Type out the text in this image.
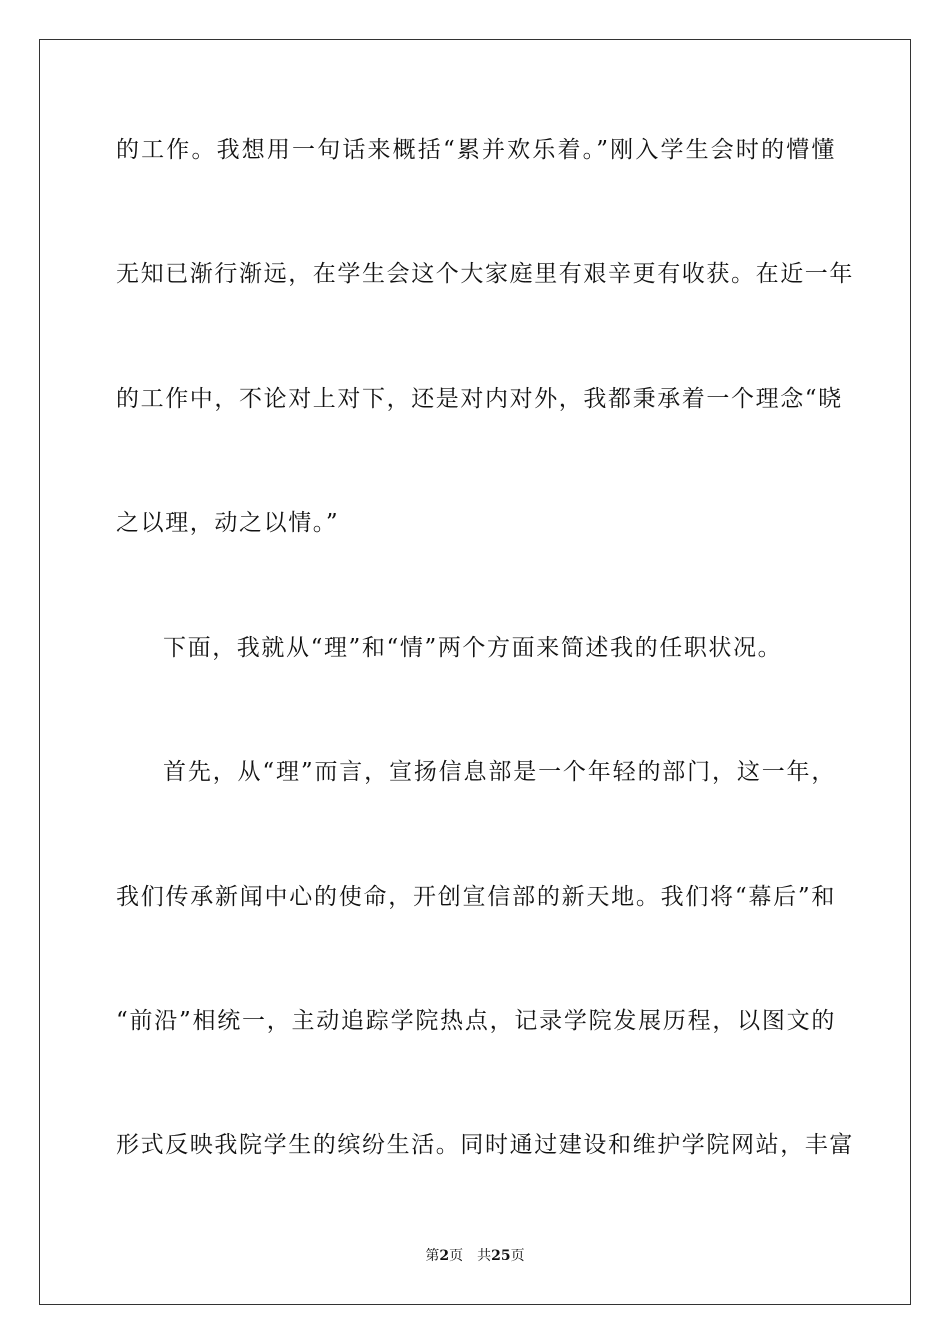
的工作。我想用一句话来概括“累并欢乐着。”刚入学生会时的懵懂
无知已渐行渐远，在学生会这个大家庭里有艰辛更有收获。在近一年
的工作中，不论对上对下，还是对内对外，我都秉承着一个理念“晓
之以理，动之以情。”
下面，我就从“理”和“情”两个方面来简述我的任职状况。
首先，从“理”而言，宣扬信息部是一个年轻的部门，这一年，
我们传承新闻中心的使命，开创宣信部的新天地。我们将“幕后”和
“前沿”相统一，主动追踪学院热点，记录学院发展历程，以图文的
形式反映我院学生的缤纷生活。同时通过建设和维护学院网站，丰富
第2页 共25页
